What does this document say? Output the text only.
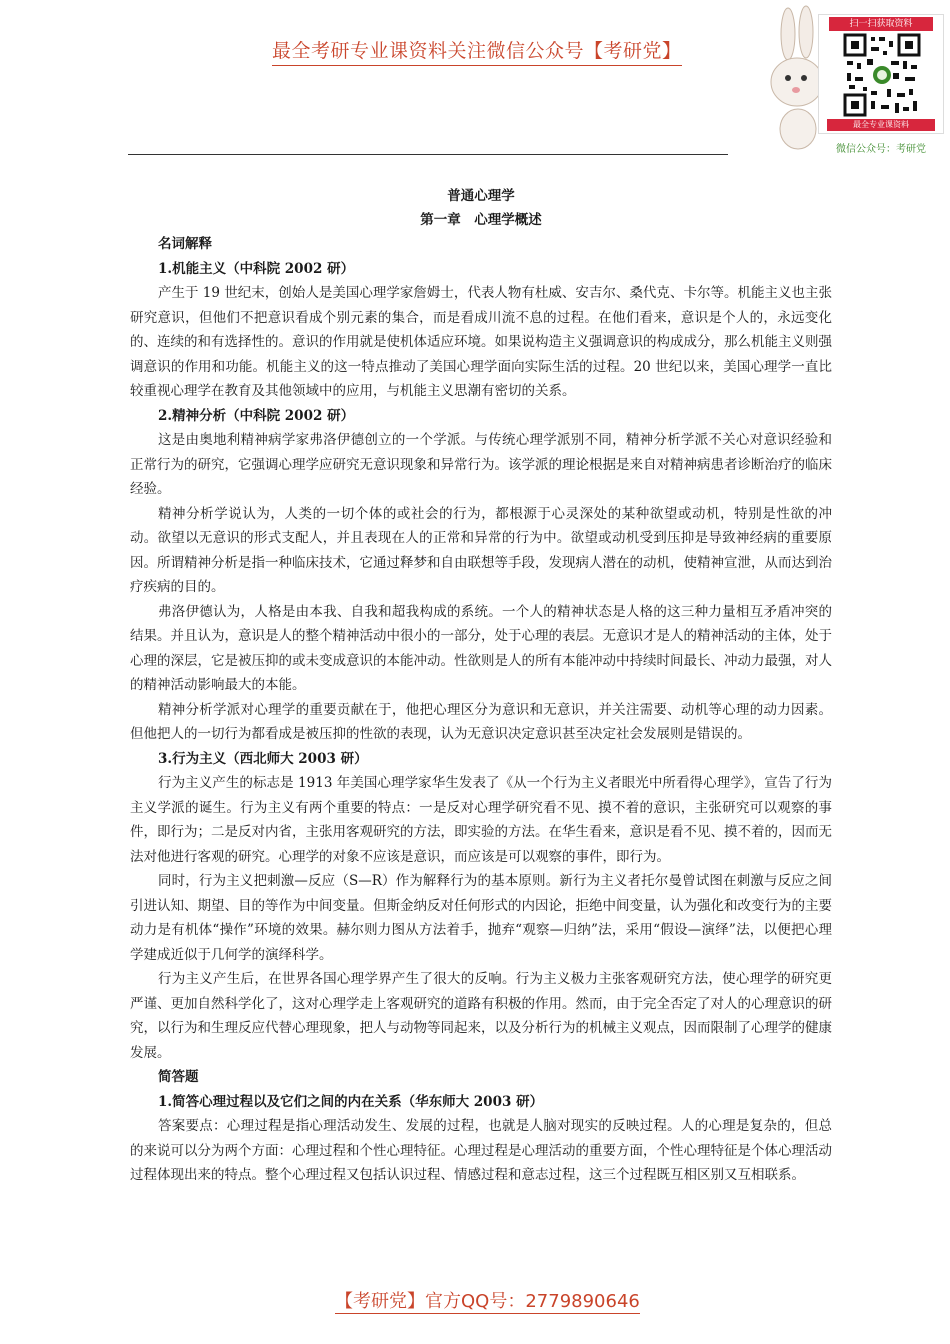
最全考研专业课资料关注微信公众号【考研党】
扫一扫获取资料
最全专业课资料
微信公众号：考研党
普通心理学
第一章　心理学概述
名词解释
1.机能主义（中科院 2002 研）

产生于 19 世纪末，创始人是美国心理学家詹姆士，代表人物有杜威、安吉尔、桑代克、卡尔等。机能主义也主张研究意识，但他们不把意识看成个别元素的集合，而是看成川流不息的过程。在他们看来，意识是个人的，永远变化的、连续的和有选择性的。意识的作用就是使机体适应环境。如果说构造主义强调意识的构成成分，那么机能主义则强调意识的作用和功能。机能主义的这一特点推动了美国心理学面向实际生活的过程。20 世纪以来，美国心理学一直比较重视心理学在教育及其他领域中的应用，与机能主义思潮有密切的关系。

2.精神分析（中科院 2002 研）

这是由奥地利精神病学家弗洛伊德创立的一个学派。与传统心理学派别不同，精神分析学派不关心对意识经验和正常行为的研究，它强调心理学应研究无意识现象和异常行为。该学派的理论根据是来自对精神病患者诊断治疗的临床经验。

精神分析学说认为，人类的一切个体的或社会的行为，都根源于心灵深处的某种欲望或动机，特别是性欲的冲动。欲望以无意识的形式支配人，并且表现在人的正常和异常的行为中。欲望或动机受到压抑是导致神经病的重要原因。所谓精神分析是指一种临床技术，它通过释梦和自由联想等手段，发现病人潜在的动机，使精神宣泄，从而达到治疗疾病的目的。

弗洛伊德认为，人格是由本我、自我和超我构成的系统。一个人的精神状态是人格的这三种力量相互矛盾冲突的结果。并且认为，意识是人的整个精神活动中很小的一部分，处于心理的表层。无意识才是人的精神活动的主体，处于心理的深层，它是被压抑的或未变成意识的本能冲动。性欲则是人的所有本能冲动中持续时间最长、冲动力最强，对人的精神活动影响最大的本能。

精神分析学派对心理学的重要贡献在于，他把心理区分为意识和无意识，并关注需要、动机等心理的动力因素。但他把人的一切行为都看成是被压抑的性欲的表现，认为无意识决定意识甚至决定社会发展则是错误的。

3.行为主义（西北师大 2003 研）

行为主义产生的标志是 1913 年美国心理学家华生发表了《从一个行为主义者眼光中所看得心理学》，宣告了行为主义学派的诞生。行为主义有两个重要的特点：一是反对心理学研究看不见、摸不着的意识，主张研究可以观察的事件，即行为；二是反对内省，主张用客观研究的方法，即实验的方法。在华生看来，意识是看不见、摸不着的，因而无法对他进行客观的研究。心理学的对象不应该是意识，而应该是可以观察的事件，即行为。

同时，行为主义把刺激—反应（S—R）作为解释行为的基本原则。新行为主义者托尔曼曾试图在刺激与反应之间引进认知、期望、目的等作为中间变量。但斯金纳反对任何形式的内因论，拒绝中间变量，认为强化和改变行为的主要动力是有机体“操作”环境的效果。赫尔则力图从方法着手，抛弃“观察—归纳”法，采用“假设—演绎”法，以便把心理学建成近似于几何学的演绎科学。

行为主义产生后，在世界各国心理学界产生了很大的反响。行为主义极力主张客观研究方法，使心理学的研究更严谨、更加自然科学化了，这对心理学走上客观研究的道路有积极的作用。然而，由于完全否定了对人的心理意识的研究，以行为和生理反应代替心理现象，把人与动物等同起来，以及分析行为的机械主义观点，因而限制了心理学的健康发展。

简答题
1.简答心理过程以及它们之间的内在关系（华东师大 2003 研）

答案要点：心理过程是指心理活动发生、发展的过程，也就是人脑对现实的反映过程。人的心理是复杂的，但总的来说可以分为两个方面：心理过程和个性心理特征。心理过程是心理活动的重要方面，个性心理特征是个体心理活动过程体现出来的特点。整个心理过程又包括认识过程、情感过程和意志过程，这三个过程既互相区别又互相联系。

【考研党】官方QQ号：2779890646
